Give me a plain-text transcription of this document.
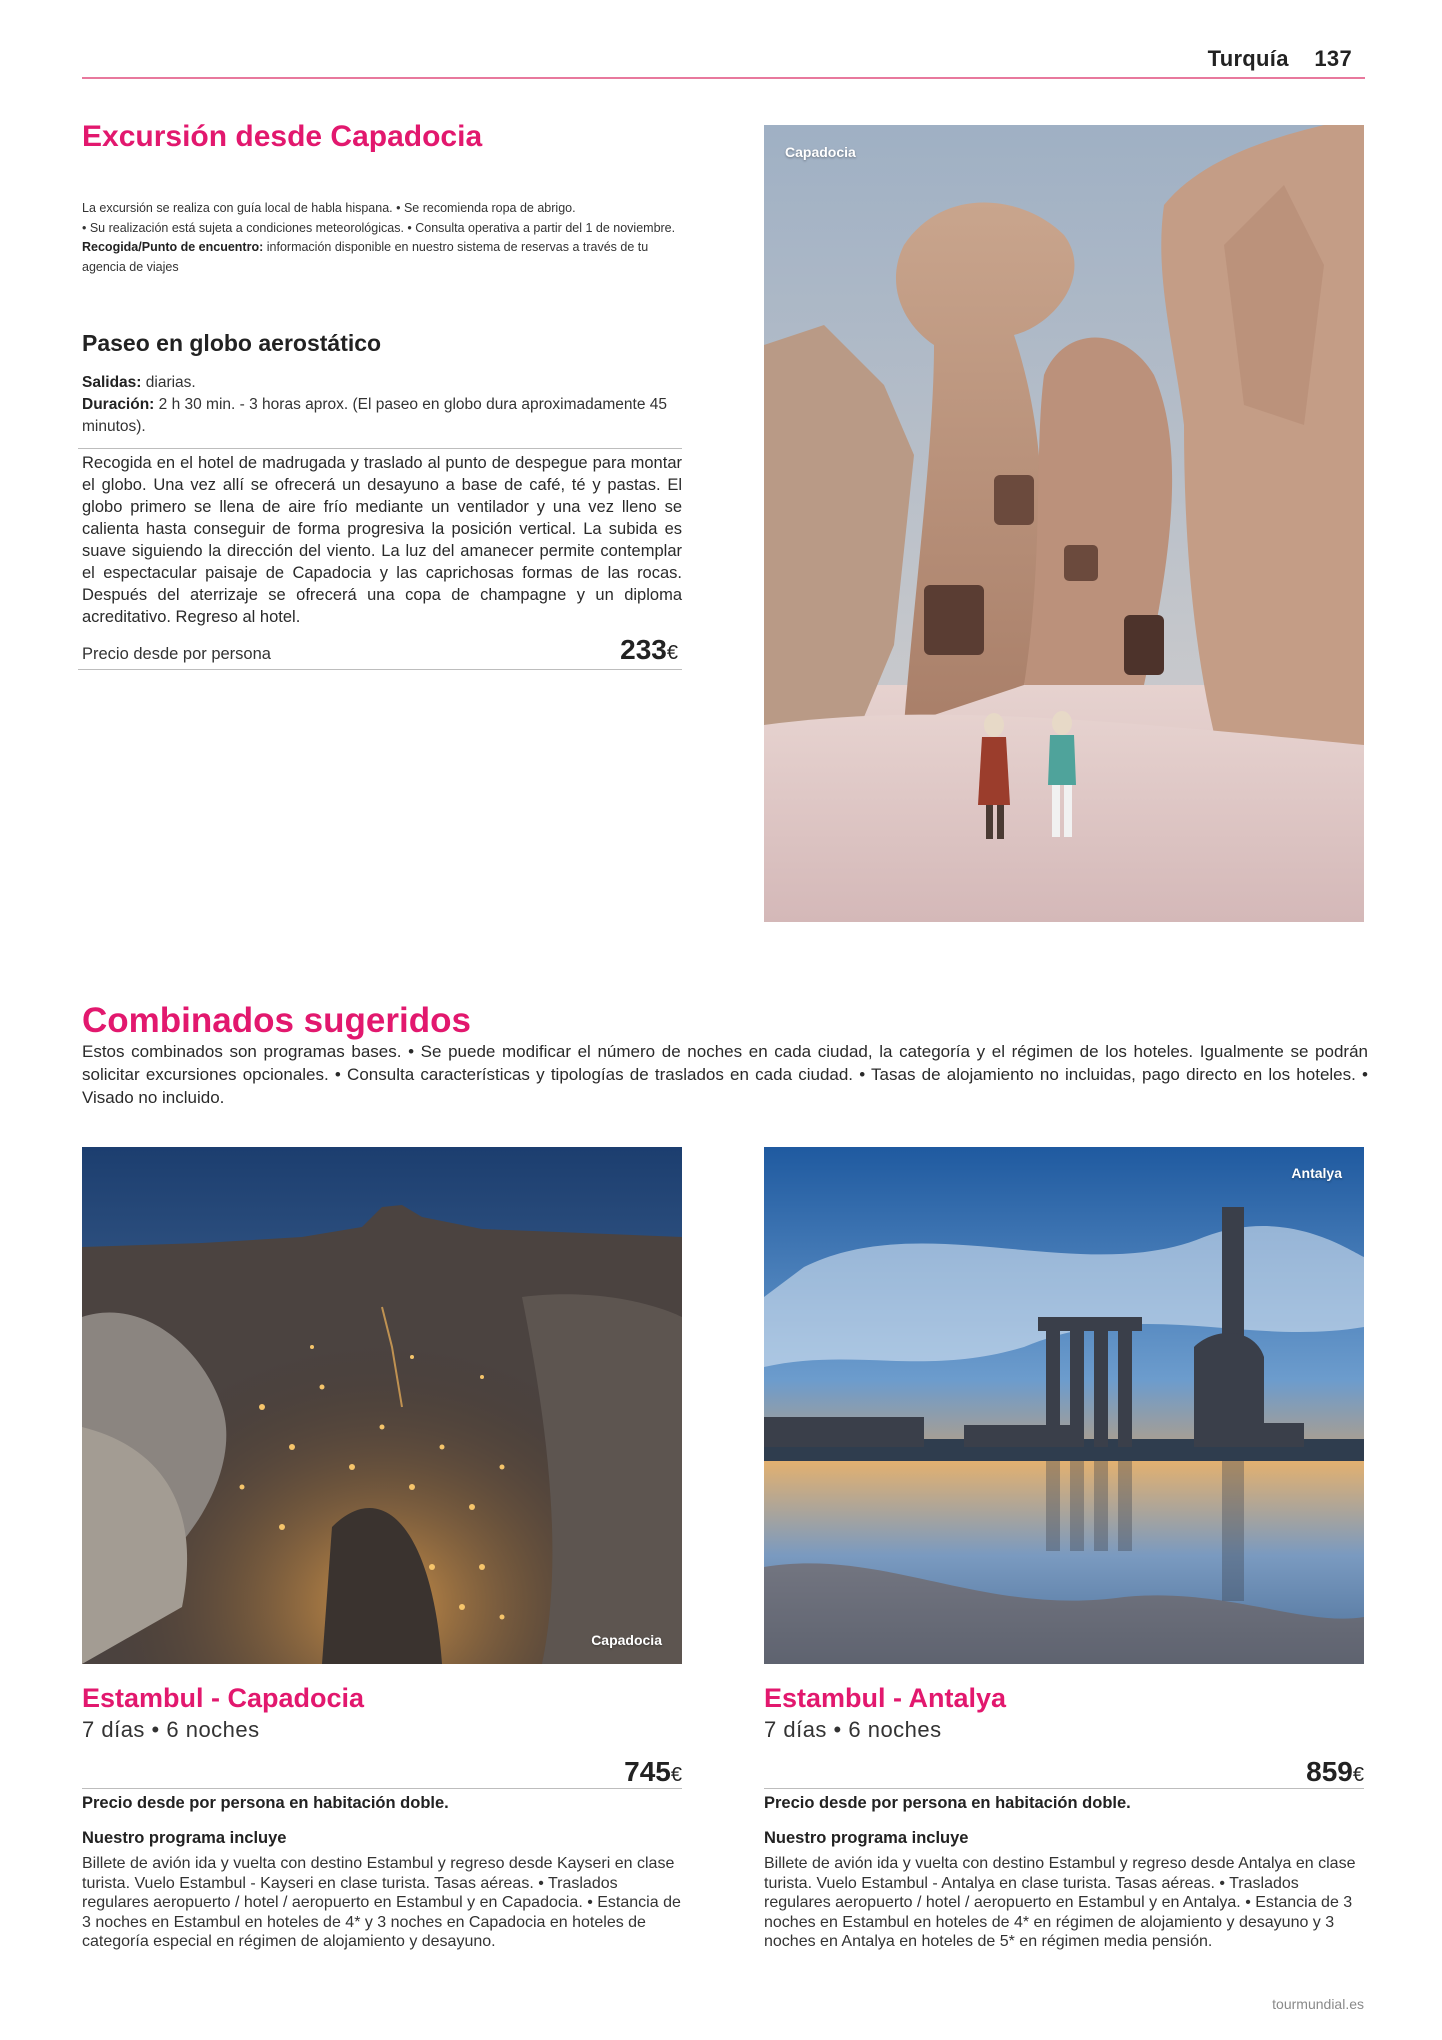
Turquía 137
Excursión desde Capadocia
La excursión se realiza con guía local de habla hispana. • Se recomienda ropa de abrigo.
• Su realización está sujeta a condiciones meteorológicas. • Consulta operativa a partir del 1 de noviembre.
Recogida/Punto de encuentro: información disponible en nuestro sistema de reservas a través de tu agencia de viajes
Paseo en globo aerostático
Salidas: diarias.
Duración: 2 h 30 min. - 3 horas aprox. (El paseo en globo dura aproximadamente 45 minutos).
Recogida en el hotel de madrugada y traslado al punto de despegue para montar el globo. Una vez allí se ofrecerá un desayuno a base de café, té y pastas. El globo primero se llena de aire frío mediante un ventilador y una vez lleno se calienta hasta conseguir de forma progresiva la posición vertical. La subida es suave siguiendo la dirección del viento. La luz del amanecer permite contemplar el espectacular paisaje de Capadocia y las caprichosas formas de las rocas. Después del aterrizaje se ofrecerá una copa de champagne y un diploma acreditativo. Regreso al hotel.
Precio desde por persona	233€
Capadocia
Combinados sugeridos
Estos combinados son programas bases. • Se puede modificar el número de noches en cada ciudad, la categoría y el régimen de los hoteles. Igualmente se podrán solicitar excursiones opcionales. • Consulta características y tipologías de traslados en cada ciudad. • Tasas de alojamiento no incluidas, pago directo en los hoteles. • Visado no incluido.
Capadocia
Antalya
Estambul - Capadocia
7 días • 6 noches
745€
Precio desde por persona en habitación doble.
Nuestro programa incluye
Billete de avión ida y vuelta con destino Estambul y regreso desde Kayseri en clase turista. Vuelo Estambul - Kayseri en clase turista. Tasas aéreas. • Traslados regulares aeropuerto / hotel / aeropuerto en Estambul y en Capadocia. • Estancia de 3 noches en Estambul en hoteles de 4* y 3 noches en Capadocia en hoteles de categoría especial en régimen de alojamiento y desayuno.
Estambul - Antalya
7 días • 6 noches
859€
Precio desde por persona en habitación doble.
Nuestro programa incluye
Billete de avión ida y vuelta con destino Estambul y regreso desde Antalya en clase turista. Vuelo Estambul - Antalya en clase turista. Tasas aéreas. • Traslados regulares aeropuerto / hotel / aeropuerto en Estambul y en Antalya. • Estancia de 3 noches en Estambul en hoteles de 4* en régimen de alojamiento y desayuno y 3 noches en Antalya en hoteles de 5* en régimen media pensión.
tourmundial.es
